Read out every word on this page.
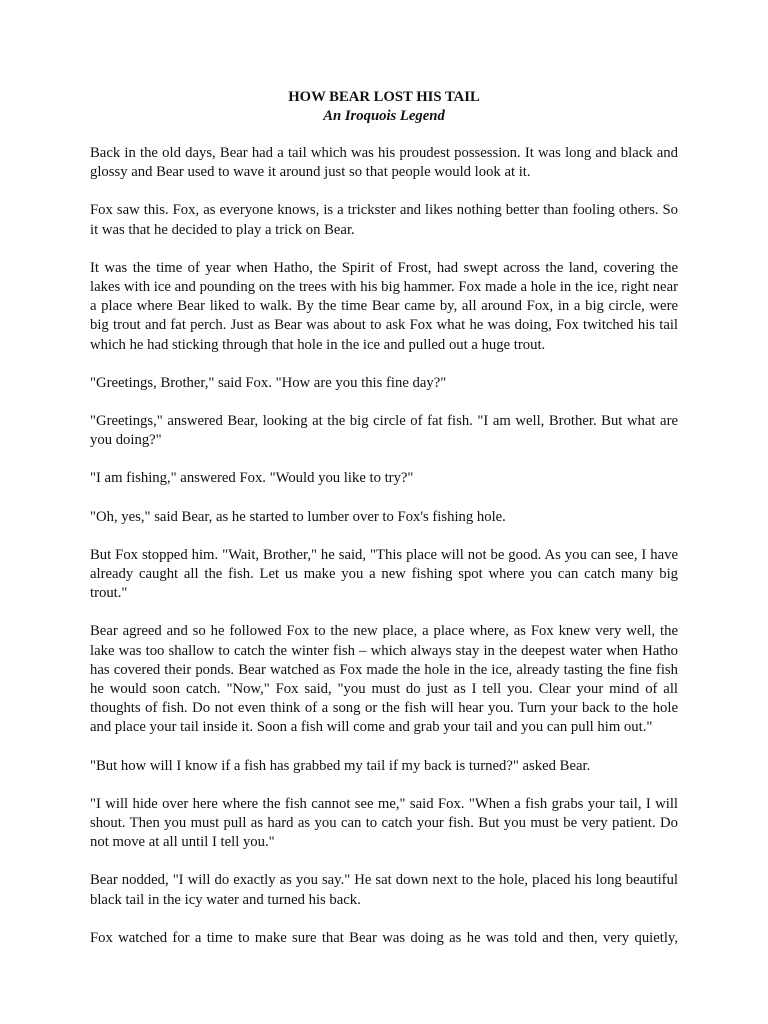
HOW BEAR LOST HIS TAIL

An Iroquois Legend

Back in the old days, Bear had a tail which was his proudest possession. It was long and black and glossy and Bear used to wave it around just so that people would look at it.

Fox saw this. Fox, as everyone knows, is a trickster and likes nothing better than fooling others. So it was that he decided to play a trick on Bear.

It was the time of year when Hatho, the Spirit of Frost, had swept across the land, covering the lakes with ice and pounding on the trees with his big hammer. Fox made a hole in the ice, right near a place where Bear liked to walk. By the time Bear came by, all around Fox, in a big circle, were big trout and fat perch. Just as Bear was about to ask Fox what he was doing, Fox twitched his tail which he had sticking through that hole in the ice and pulled out a huge trout.

"Greetings, Brother," said Fox. "How are you this fine day?"

"Greetings," answered Bear, looking at the big circle of fat fish. "I am well, Brother. But what are you doing?"

"I am fishing," answered Fox. "Would you like to try?"

"Oh, yes," said Bear, as he started to lumber over to Fox's fishing hole.

But Fox stopped him. "Wait, Brother," he said, "This place will not be good. As you can see, I have already caught all the fish. Let us make you a new fishing spot where you can catch many big trout."

Bear agreed and so he followed Fox to the new place, a place where, as Fox knew very well, the lake was too shallow to catch the winter fish – which always stay in the deepest water when Hatho has covered their ponds. Bear watched as Fox made the hole in the ice, already tasting the fine fish he would soon catch. "Now," Fox said, "you must do just as I tell you. Clear your mind of all thoughts of fish. Do not even think of a song or the fish will hear you. Turn your back to the hole and place your tail inside it. Soon a fish will come and grab your tail and you can pull him out."

"But how will I know if a fish has grabbed my tail if my back is turned?" asked Bear.

"I will hide over here where the fish cannot see me," said Fox. "When a fish grabs your tail, I will shout. Then you must pull as hard as you can to catch your fish. But you must be very patient. Do not move at all until I tell you."

Bear nodded, "I will do exactly as you say." He sat down next to the hole, placed his long beautiful black tail in the icy water and turned his back.

Fox watched for a time to make sure that Bear was doing as he was told and then, very quietly,
